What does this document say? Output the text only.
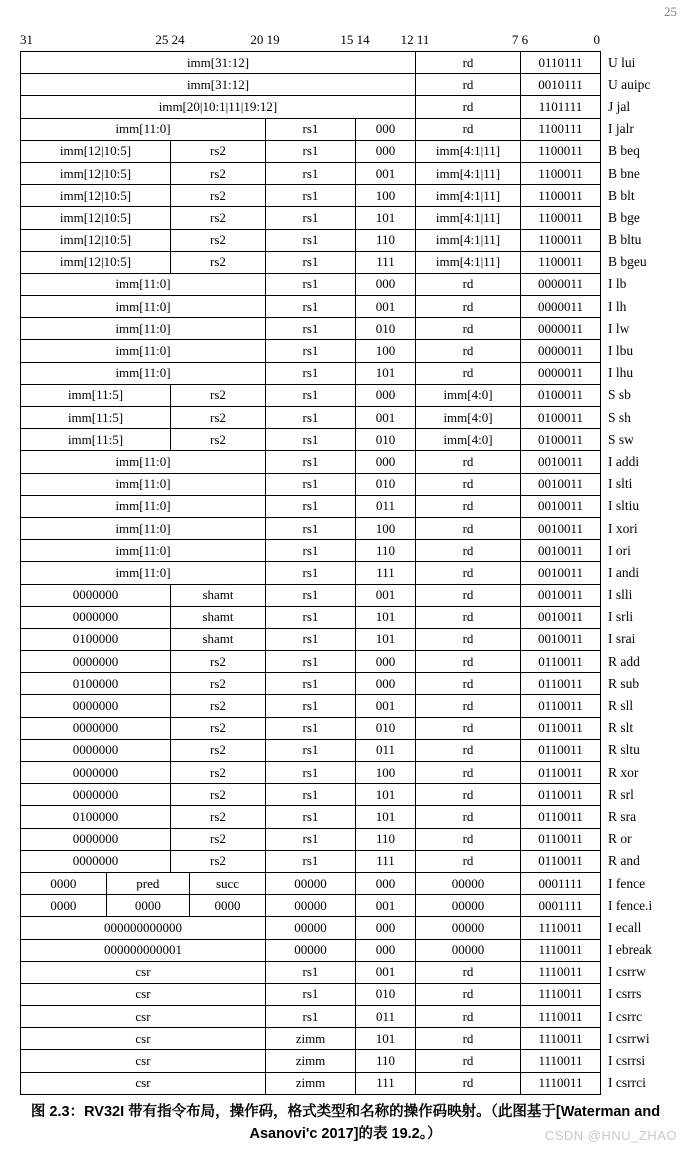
25
31	25 24	20 19	15 14 12 11	7 6	0
imm[31:12]	rd	0110111	U lui
imm[31:12]	rd	0010111	U auipc
imm[20|10:1|11|19:12]	rd	1101111	J jal
imm[11:0]	rs1	000	rd	1100111	I jalr
imm[12|10:5]	rs2	rs1	000	imm[4:1|11]	1100011	B beq
imm[12|10:5]	rs2	rs1	001	imm[4:1|11]	1100011	B bne
imm[12|10:5]	rs2	rs1	100	imm[4:1|11]	1100011	B blt
imm[12|10:5]	rs2	rs1	101	imm[4:1|11]	1100011	B bge
imm[12|10:5]	rs2	rs1	110	imm[4:1|11]	1100011	B bltu
imm[12|10:5]	rs2	rs1	111	imm[4:1|11]	1100011	B bgeu
imm[11:0]	rs1	000	rd	0000011	I lb
imm[11:0]	rs1	001	rd	0000011	I lh
imm[11:0]	rs1	010	rd	0000011	I lw
imm[11:0]	rs1	100	rd	0000011	I lbu
imm[11:0]	rs1	101	rd	0000011	I lhu
imm[11:5]	rs2	rs1	000	imm[4:0]	0100011	S sb
imm[11:5]	rs2	rs1	001	imm[4:0]	0100011	S sh
imm[11:5]	rs2	rs1	010	imm[4:0]	0100011	S sw
imm[11:0]	rs1	000	rd	0010011	I addi
imm[11:0]	rs1	010	rd	0010011	I slti
imm[11:0]	rs1	011	rd	0010011	I sltiu
imm[11:0]	rs1	100	rd	0010011	I xori
imm[11:0]	rs1	110	rd	0010011	I ori
imm[11:0]	rs1	111	rd	0010011	I andi
0000000	shamt	rs1	001	rd	0010011	I slli
0000000	shamt	rs1	101	rd	0010011	I srli
0100000	shamt	rs1	101	rd	0010011	I srai
0000000	rs2	rs1	000	rd	0110011	R add
0100000	rs2	rs1	000	rd	0110011	R sub
0000000	rs2	rs1	001	rd	0110011	R sll
0000000	rs2	rs1	010	rd	0110011	R slt
0000000	rs2	rs1	011	rd	0110011	R sltu
0000000	rs2	rs1	100	rd	0110011	R xor
0000000	rs2	rs1	101	rd	0110011	R srl
0100000	rs2	rs1	101	rd	0110011	R sra
0000000	rs2	rs1	110	rd	0110011	R or
0000000	rs2	rs1	111	rd	0110011	R and
0000	pred	succ	00000	000	00000	0001111	I fence
0000	0000	0000	00000	001	00000	0001111	I fence.i
000000000000	00000	000	00000	1110011	I ecall
000000000001	00000	000	00000	1110011	I ebreak
csr	rs1	001	rd	1110011	I csrrw
csr	rs1	010	rd	1110011	I csrrs
csr	rs1	011	rd	1110011	I csrrc
csr	zimm	101	rd	1110011	I csrrwi
csr	zimm	110	rd	1110011	I csrrsi
csr	zimm	111	rd	1110011	I csrrci
图 2.3：RV32I 带有指令布局，操作码，格式类型和名称的操作码映射。（此图基于[Waterman and
Asanovi'c 2017]的表 19.2。）	CSDN @HNU_ZHAO
